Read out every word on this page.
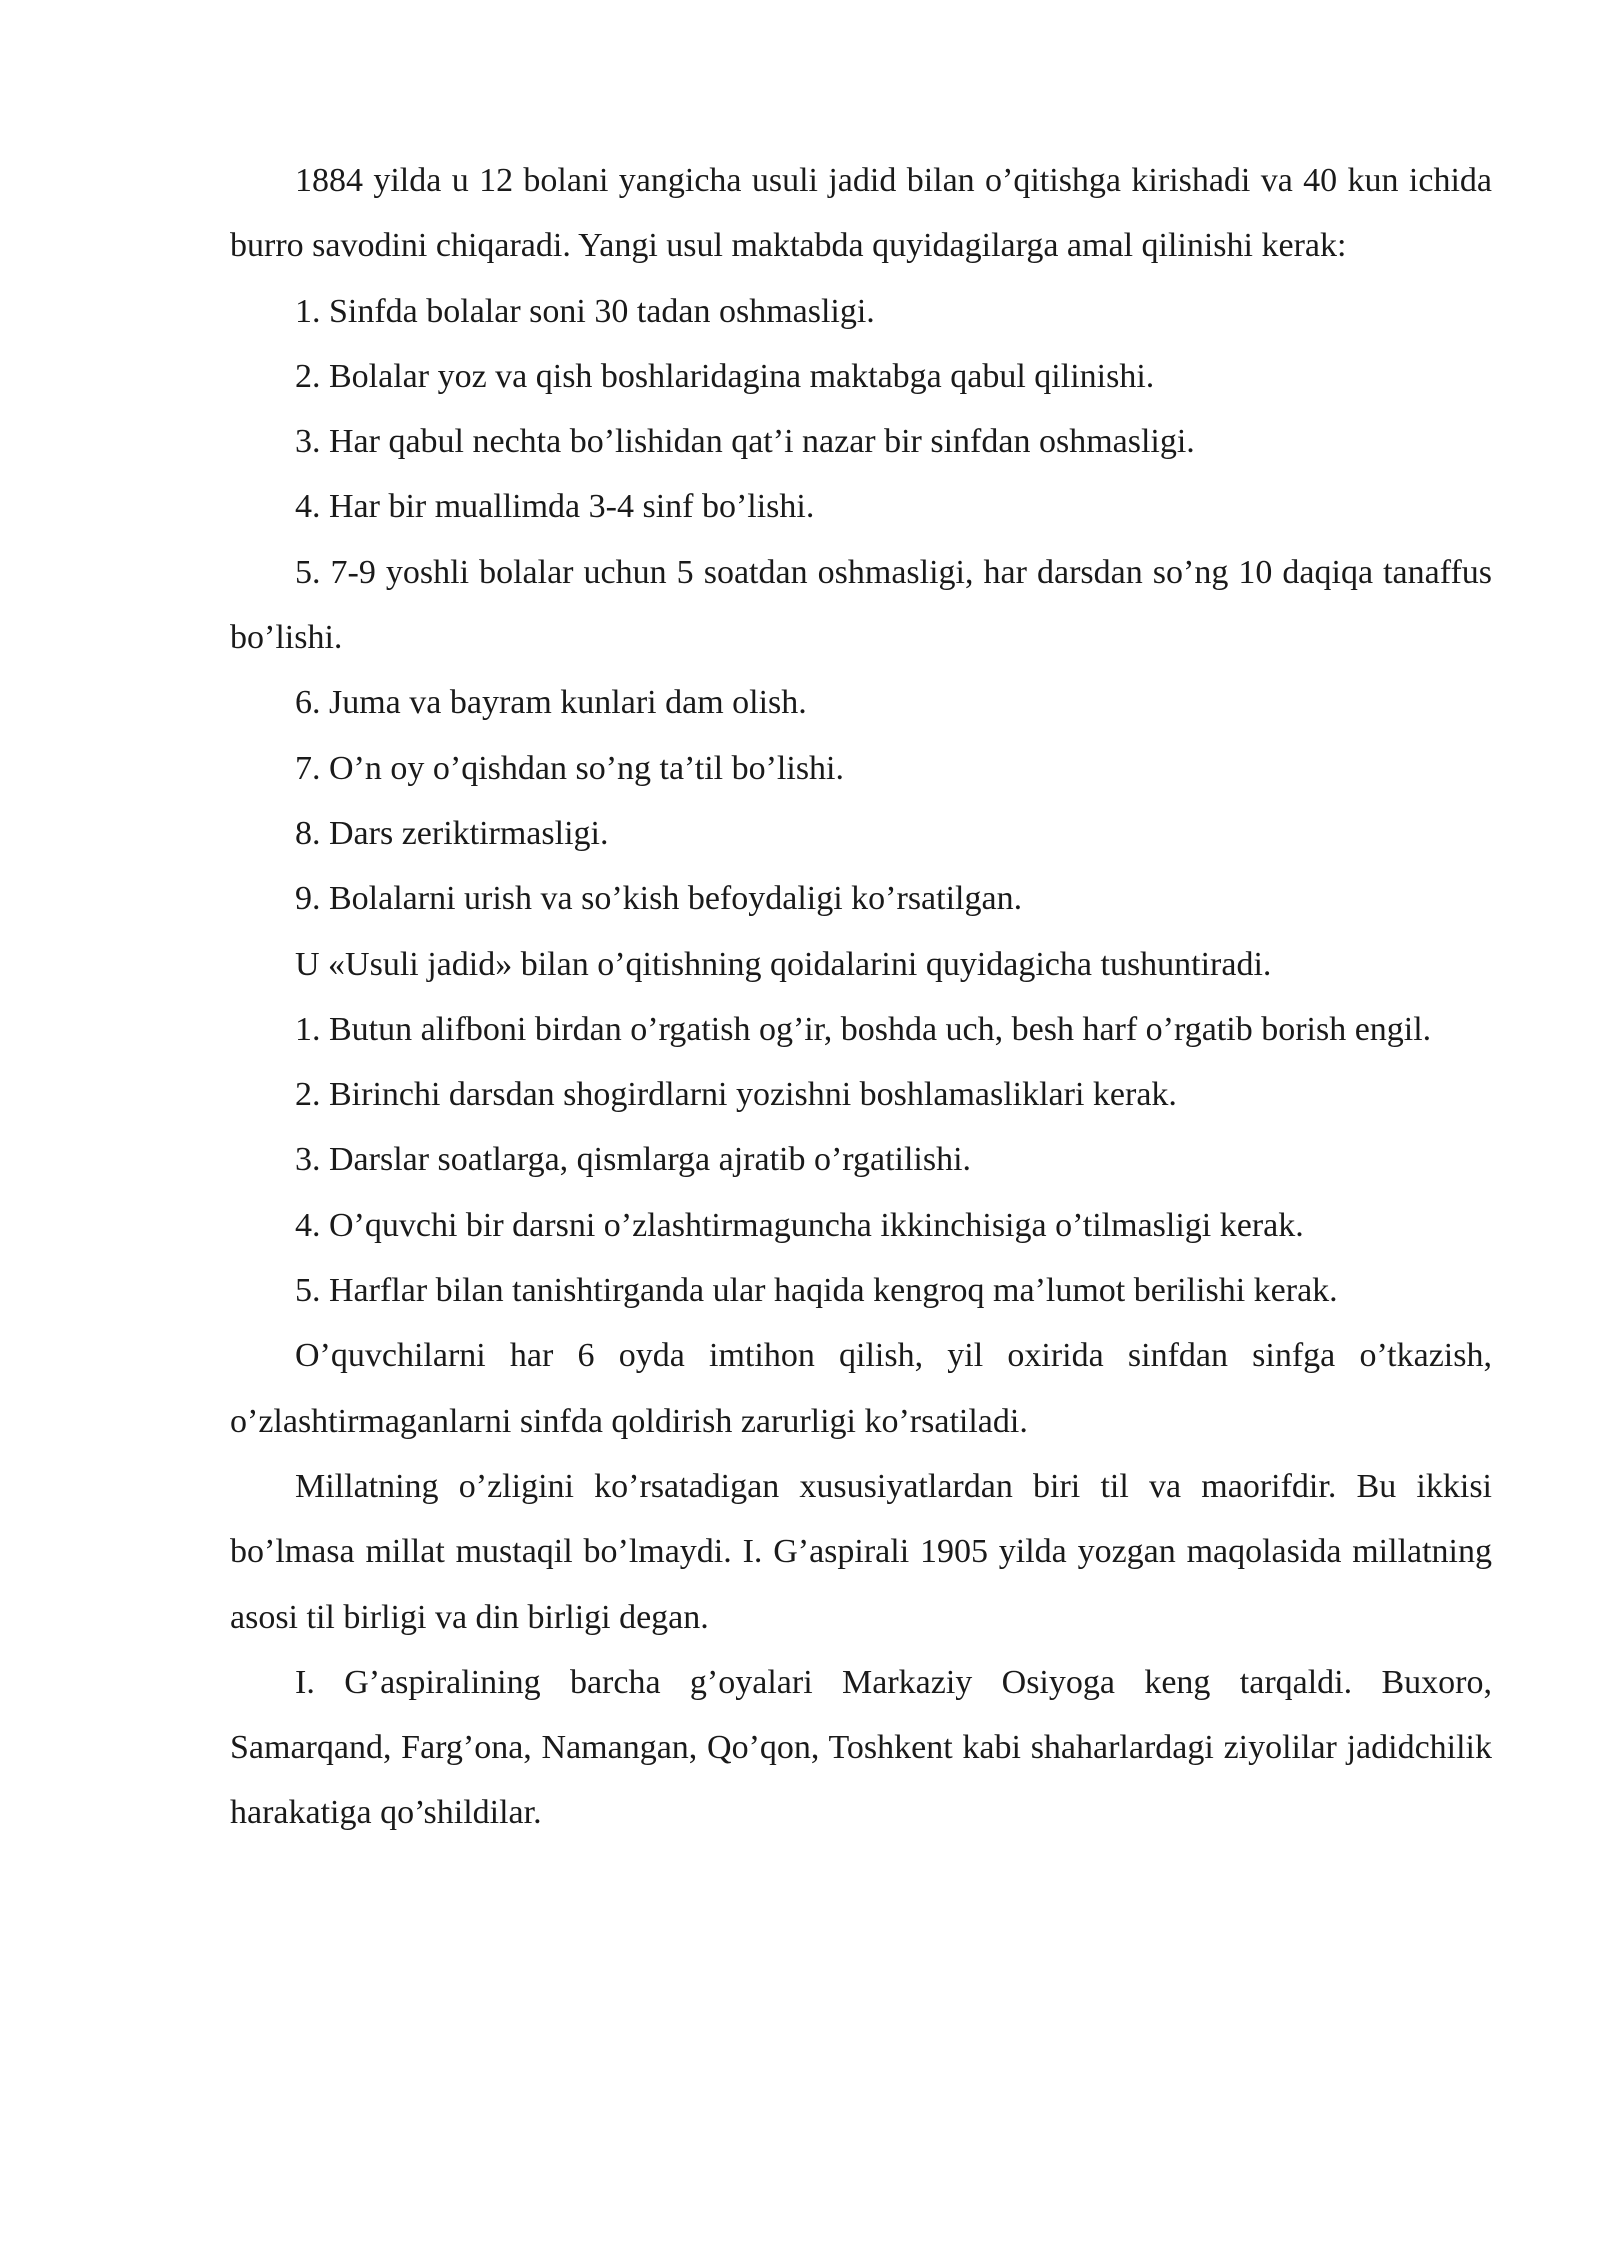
1884 yilda u 12 bolani yangicha usuli jadid bilan o’qitishga kirishadi va 40 kun ichida burro savodini chiqaradi. Yangi usul maktabda quyidagilarga amal qilinishi kerak:

1. Sinfda bolalar soni 30 tadan oshmasligi.

2. Bolalar yoz va qish boshlaridagina maktabga qabul qilinishi.

3. Har qabul nechta bo’lishidan qat’i nazar bir sinfdan oshmasligi.

4. Har bir muallimda 3-4 sinf bo’lishi.

5. 7-9 yoshli bolalar uchun 5 soatdan oshmasligi, har darsdan so’ng 10 daqiqa tanaffus bo’lishi.

6. Juma va bayram kunlari dam olish.

7. O’n oy o’qishdan so’ng ta’til bo’lishi.

8. Dars zeriktirmasligi.

9. Bolalarni urish va so’kish befoydaligi ko’rsatilgan.

U «Usuli jadid» bilan o’qitishning qoidalarini quyidagicha tushuntiradi.

1. Butun alifboni birdan o’rgatish og’ir, boshda uch, besh harf o’rgatib borish engil.

2. Birinchi darsdan shogirdlarni yozishni boshlamasliklari kerak.

3. Darslar soatlarga, qismlarga ajratib o’rgatilishi.

4. O’quvchi bir darsni o’zlashtirmaguncha ikkinchisiga o’tilmasligi kerak.

5. Harflar bilan tanishtirganda ular haqida kengroq ma’lumot berilishi kerak.

O’quvchilarni har 6 oyda imtihon qilish, yil oxirida sinfdan sinfga o’tkazish, o’zlashtirmaganlarni sinfda qoldirish zarurligi ko’rsatiladi.

Millatning o’zligini ko’rsatadigan xususiyatlardan biri til va maorifdir. Bu ikkisi bo’lmasa millat mustaqil bo’lmaydi. I. G’aspirali 1905 yilda yozgan maqolasida millatning asosi til birligi va din birligi degan.

I. G’aspiralining barcha g’oyalari Markaziy Osiyoga keng tarqaldi. Buxoro, Samarqand, Farg’ona, Namangan, Qo’qon, Toshkent kabi shaharlardagi ziyolilar jadidchilik harakatiga qo’shildilar.
